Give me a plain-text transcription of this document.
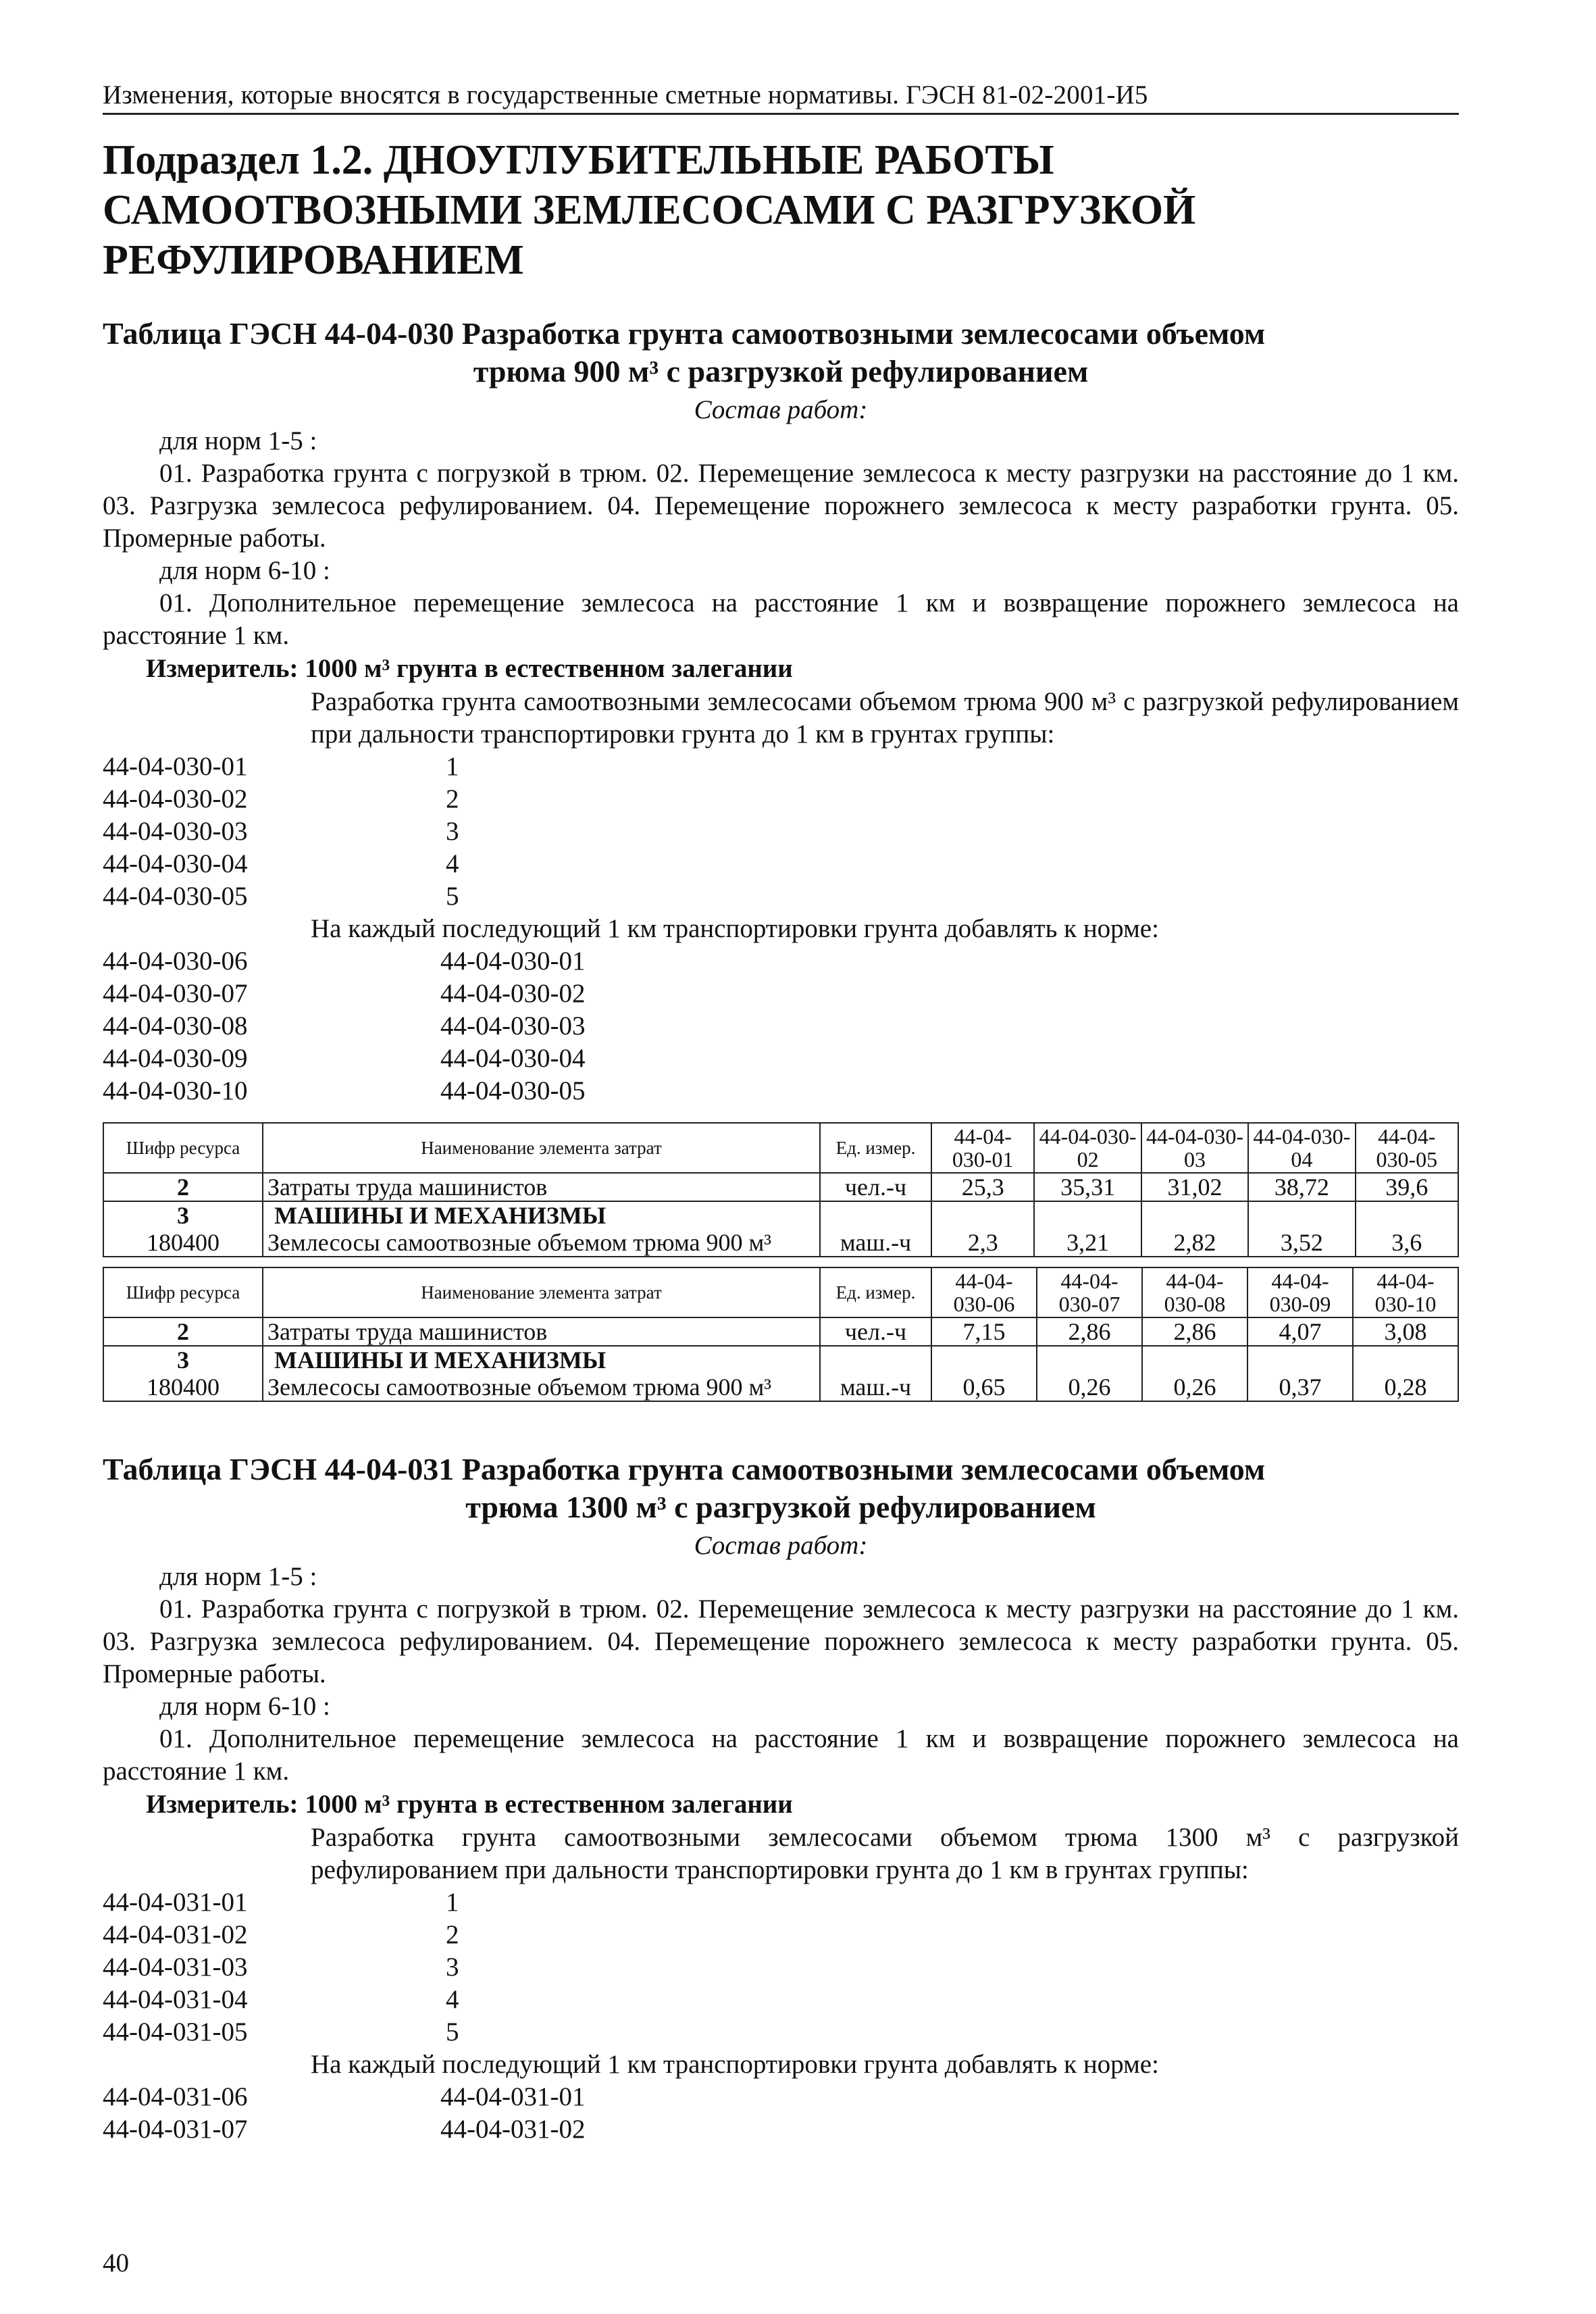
Изменения, которые вносятся в государственные сметные нормативы. ГЭСН 81-02-2001-И5
Подраздел 1.2. ДНОУГЛУБИТЕЛЬНЫЕ РАБОТЫ САМООТВОЗНЫМИ ЗЕМЛЕСОСАМИ С РАЗГРУЗКОЙ РЕФУЛИРОВАНИЕМ
Таблица ГЭСН 44-04-030 Разработка грунта самоотвозными землесосами объемом
трюма 900 м³ с разгрузкой рефулированием
Состав работ:

для норм 1-5 :

01. Разработка грунта с погрузкой в трюм. 02. Перемещение землесоса к месту разгрузки на расстояние до 1 км. 03. Разгрузка землесоса рефулированием. 04. Перемещение порожнего землесоса к месту разработки грунта. 05. Промерные работы.

для норм 6-10 :

01. Дополнительное перемещение землесоса на расстояние 1 км и возвращение порожнего землесоса на расстояние 1 км.

Измеритель: 1000 м³ грунта в естественном залегании
Разработка грунта самоотвозными землесосами объемом трюма 900 м³ с разгрузкой рефулированием при дальности транспортировки грунта до 1 км в грунтах группы:
44-04-030-01	1
44-04-030-02	2
44-04-030-03	3
44-04-030-04	4
44-04-030-05	5
На каждый последующий 1 км транспортировки грунта добавлять к норме:
44-04-030-06	44-04-030-01
44-04-030-07	44-04-030-02
44-04-030-08	44-04-030-03
44-04-030-09	44-04-030-04
44-04-030-10	44-04-030-05
Шифр ресурса	Наименование элемента затрат	Ед. измер.	44-04-030-01	44-04-030-02	44-04-030-03	44-04-030-04	44-04-030-05
2	Затраты труда машинистов	чел.-ч	25,3	35,31	31,02	38,72	39,6
3	МАШИНЫ И МЕХАНИЗМЫ						
180400	Землесосы самоотвозные объемом трюма 900 м³	маш.-ч	2,3	3,21	2,82	3,52	3,6
Шифр ресурса	Наименование элемента затрат	Ед. измер.	44-04-030-06	44-04-030-07	44-04-030-08	44-04-030-09	44-04-030-10
2	Затраты труда машинистов	чел.-ч	7,15	2,86	2,86	4,07	3,08
3	МАШИНЫ И МЕХАНИЗМЫ						
180400	Землесосы самоотвозные объемом трюма 900 м³	маш.-ч	0,65	0,26	0,26	0,37	0,28
Таблица ГЭСН 44-04-031 Разработка грунта самоотвозными землесосами объемом
трюма 1300 м³ с разгрузкой рефулированием
Состав работ:

для норм 1-5 :

01. Разработка грунта с погрузкой в трюм. 02. Перемещение землесоса к месту разгрузки на расстояние до 1 км. 03. Разгрузка землесоса рефулированием. 04. Перемещение порожнего землесоса к месту разработки грунта. 05. Промерные работы.

для норм 6-10 :

01. Дополнительное перемещение землесоса на расстояние 1 км и возвращение порожнего землесоса на расстояние 1 км.

Измеритель: 1000 м³ грунта в естественном залегании
Разработка грунта самоотвозными землесосами объемом трюма 1300 м³ с разгрузкой рефулированием при дальности транспортировки грунта до 1 км в грунтах группы:
44-04-031-01	1
44-04-031-02	2
44-04-031-03	3
44-04-031-04	4
44-04-031-05	5
На каждый последующий 1 км транспортировки грунта добавлять к норме:
44-04-031-06	44-04-031-01
44-04-031-07	44-04-031-02
40
